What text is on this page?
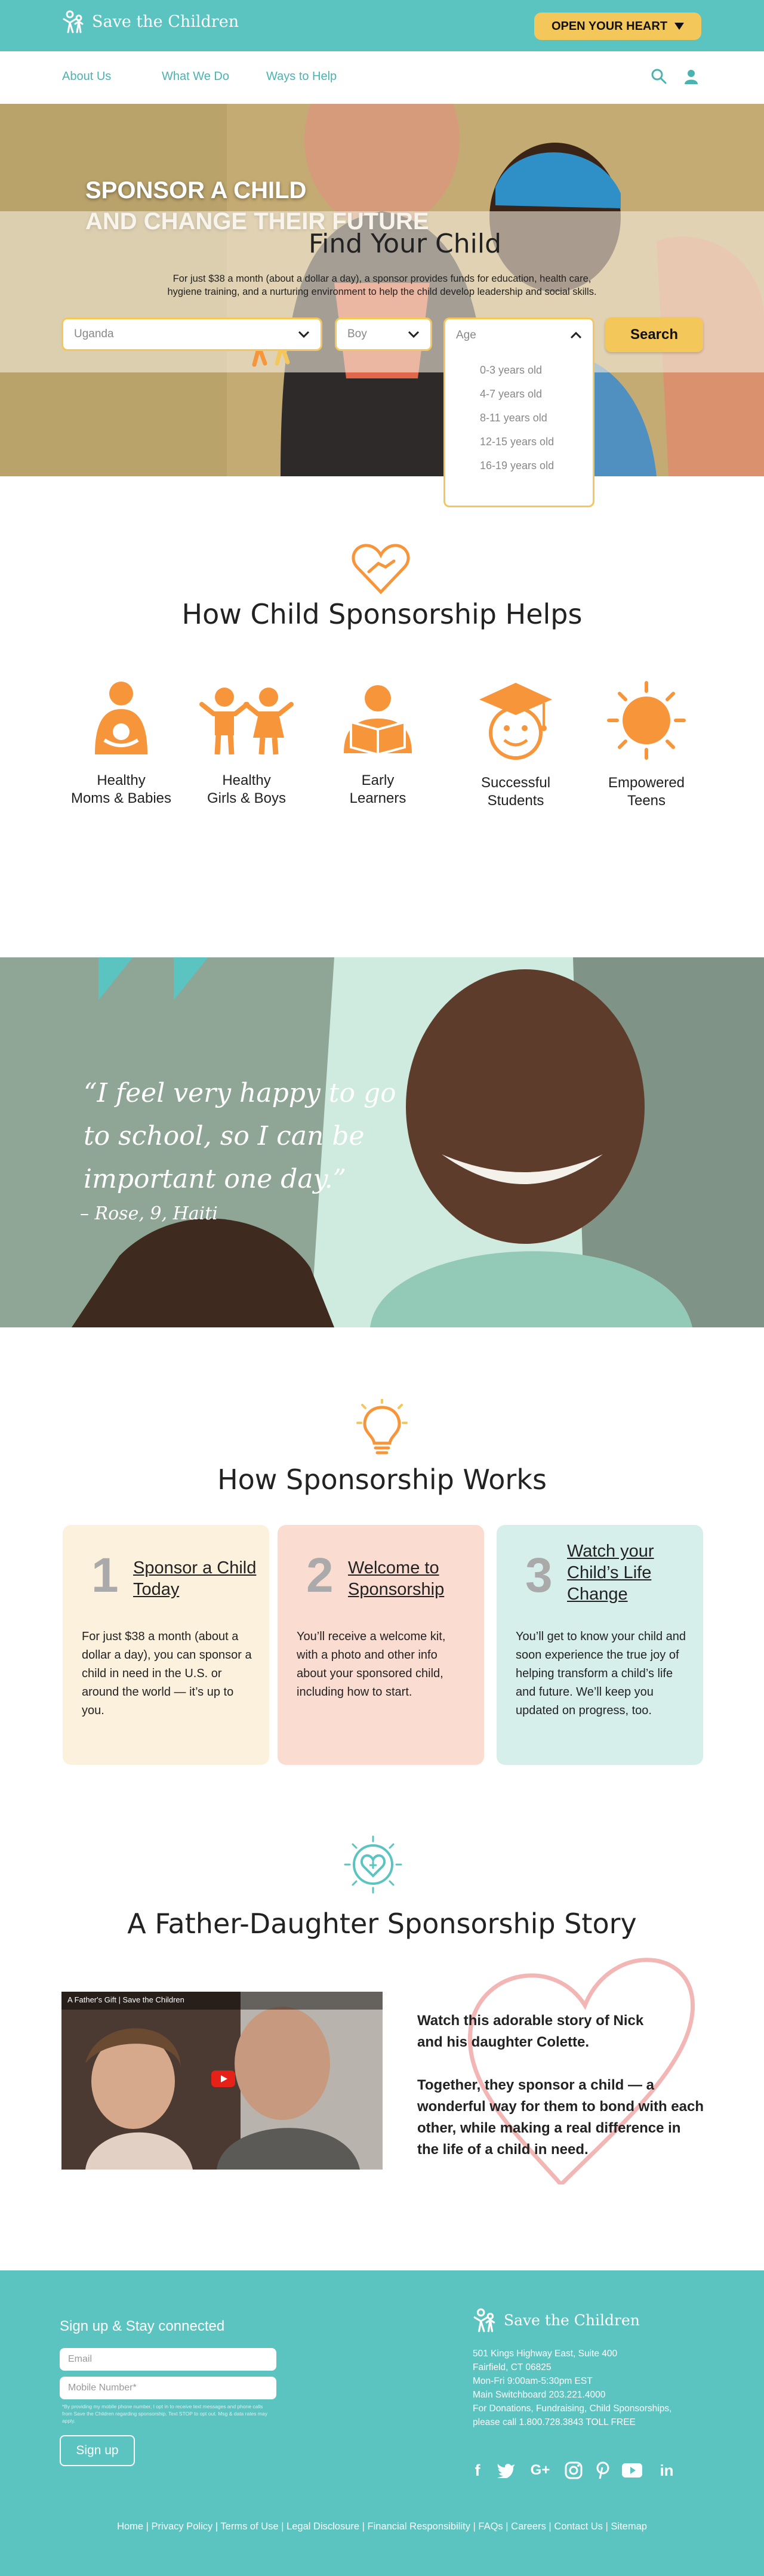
Save the Children	OPEN YOUR HEART
About Us	What We Do	Ways to Help
SPONSOR A CHILD
Find Your Child
For just $38 a month (about a dollar a day), a sponsor provides funds for education, health care,
hygiene training, and a nurturing environment to help the child develop leadership and social skills.
Uganda	Boy	Age
0-3 years old
4-7 years old
8-11 years old
12-15 years old
16-19 years old
Search
How Child Sponsorship Helps
Healthy
Moms & Babies
Healthy
Girls & Boys
Early
Learners
Successful
Students
Empowered
Teens
“I feel very happy to go
to school, so I can be
important one day.”
– Rose, 9, Haiti
How Sponsorship Works
1 Sponsor a Child Today
For just $38 a month (about a dollar a day), you can sponsor a child in need in the U.S. or around the world — it’s up to you.
2 Welcome to Sponsorship
You’ll receive a welcome kit, with a photo and other info about your sponsored child, including how to start.
3 Watch your Child’s Life Change
You’ll get to know your child and soon experience the true joy of helping transform a child’s life and future. We’ll keep you updated on progress, too.
A Father-Daughter Sponsorship Story
A Father's Gift | Save the Children

Watch this adorable story of Nick and his daughter Colette.

Together, they sponsor a child — a wonderful way for them to bond with each other, while making a real difference in the life of a child in need.

Sign up & Stay connected
Email
Mobile Number*
*By providing my mobile phone number, I opt in to receive text messages and phone calls from Save the Children regarding sponsorship. Text STOP to opt out. Msg & data rates may apply.
Save the Children
Sign up
501 Kings Highway East, Suite 400
Fairfield, CT 06825
Mon-Fri 9:00am-5:30pm EST
Main Switchboard 203.221.4000
For Donations, Fundraising, Child Sponsorships,
please call 1.800.728.3843 TOLL FREE
f	G+	in
Home | Privacy Policy | Terms of Use | Legal Disclosure | Financial Responsibility | FAQs | Careers | Contact Us | Sitemap
